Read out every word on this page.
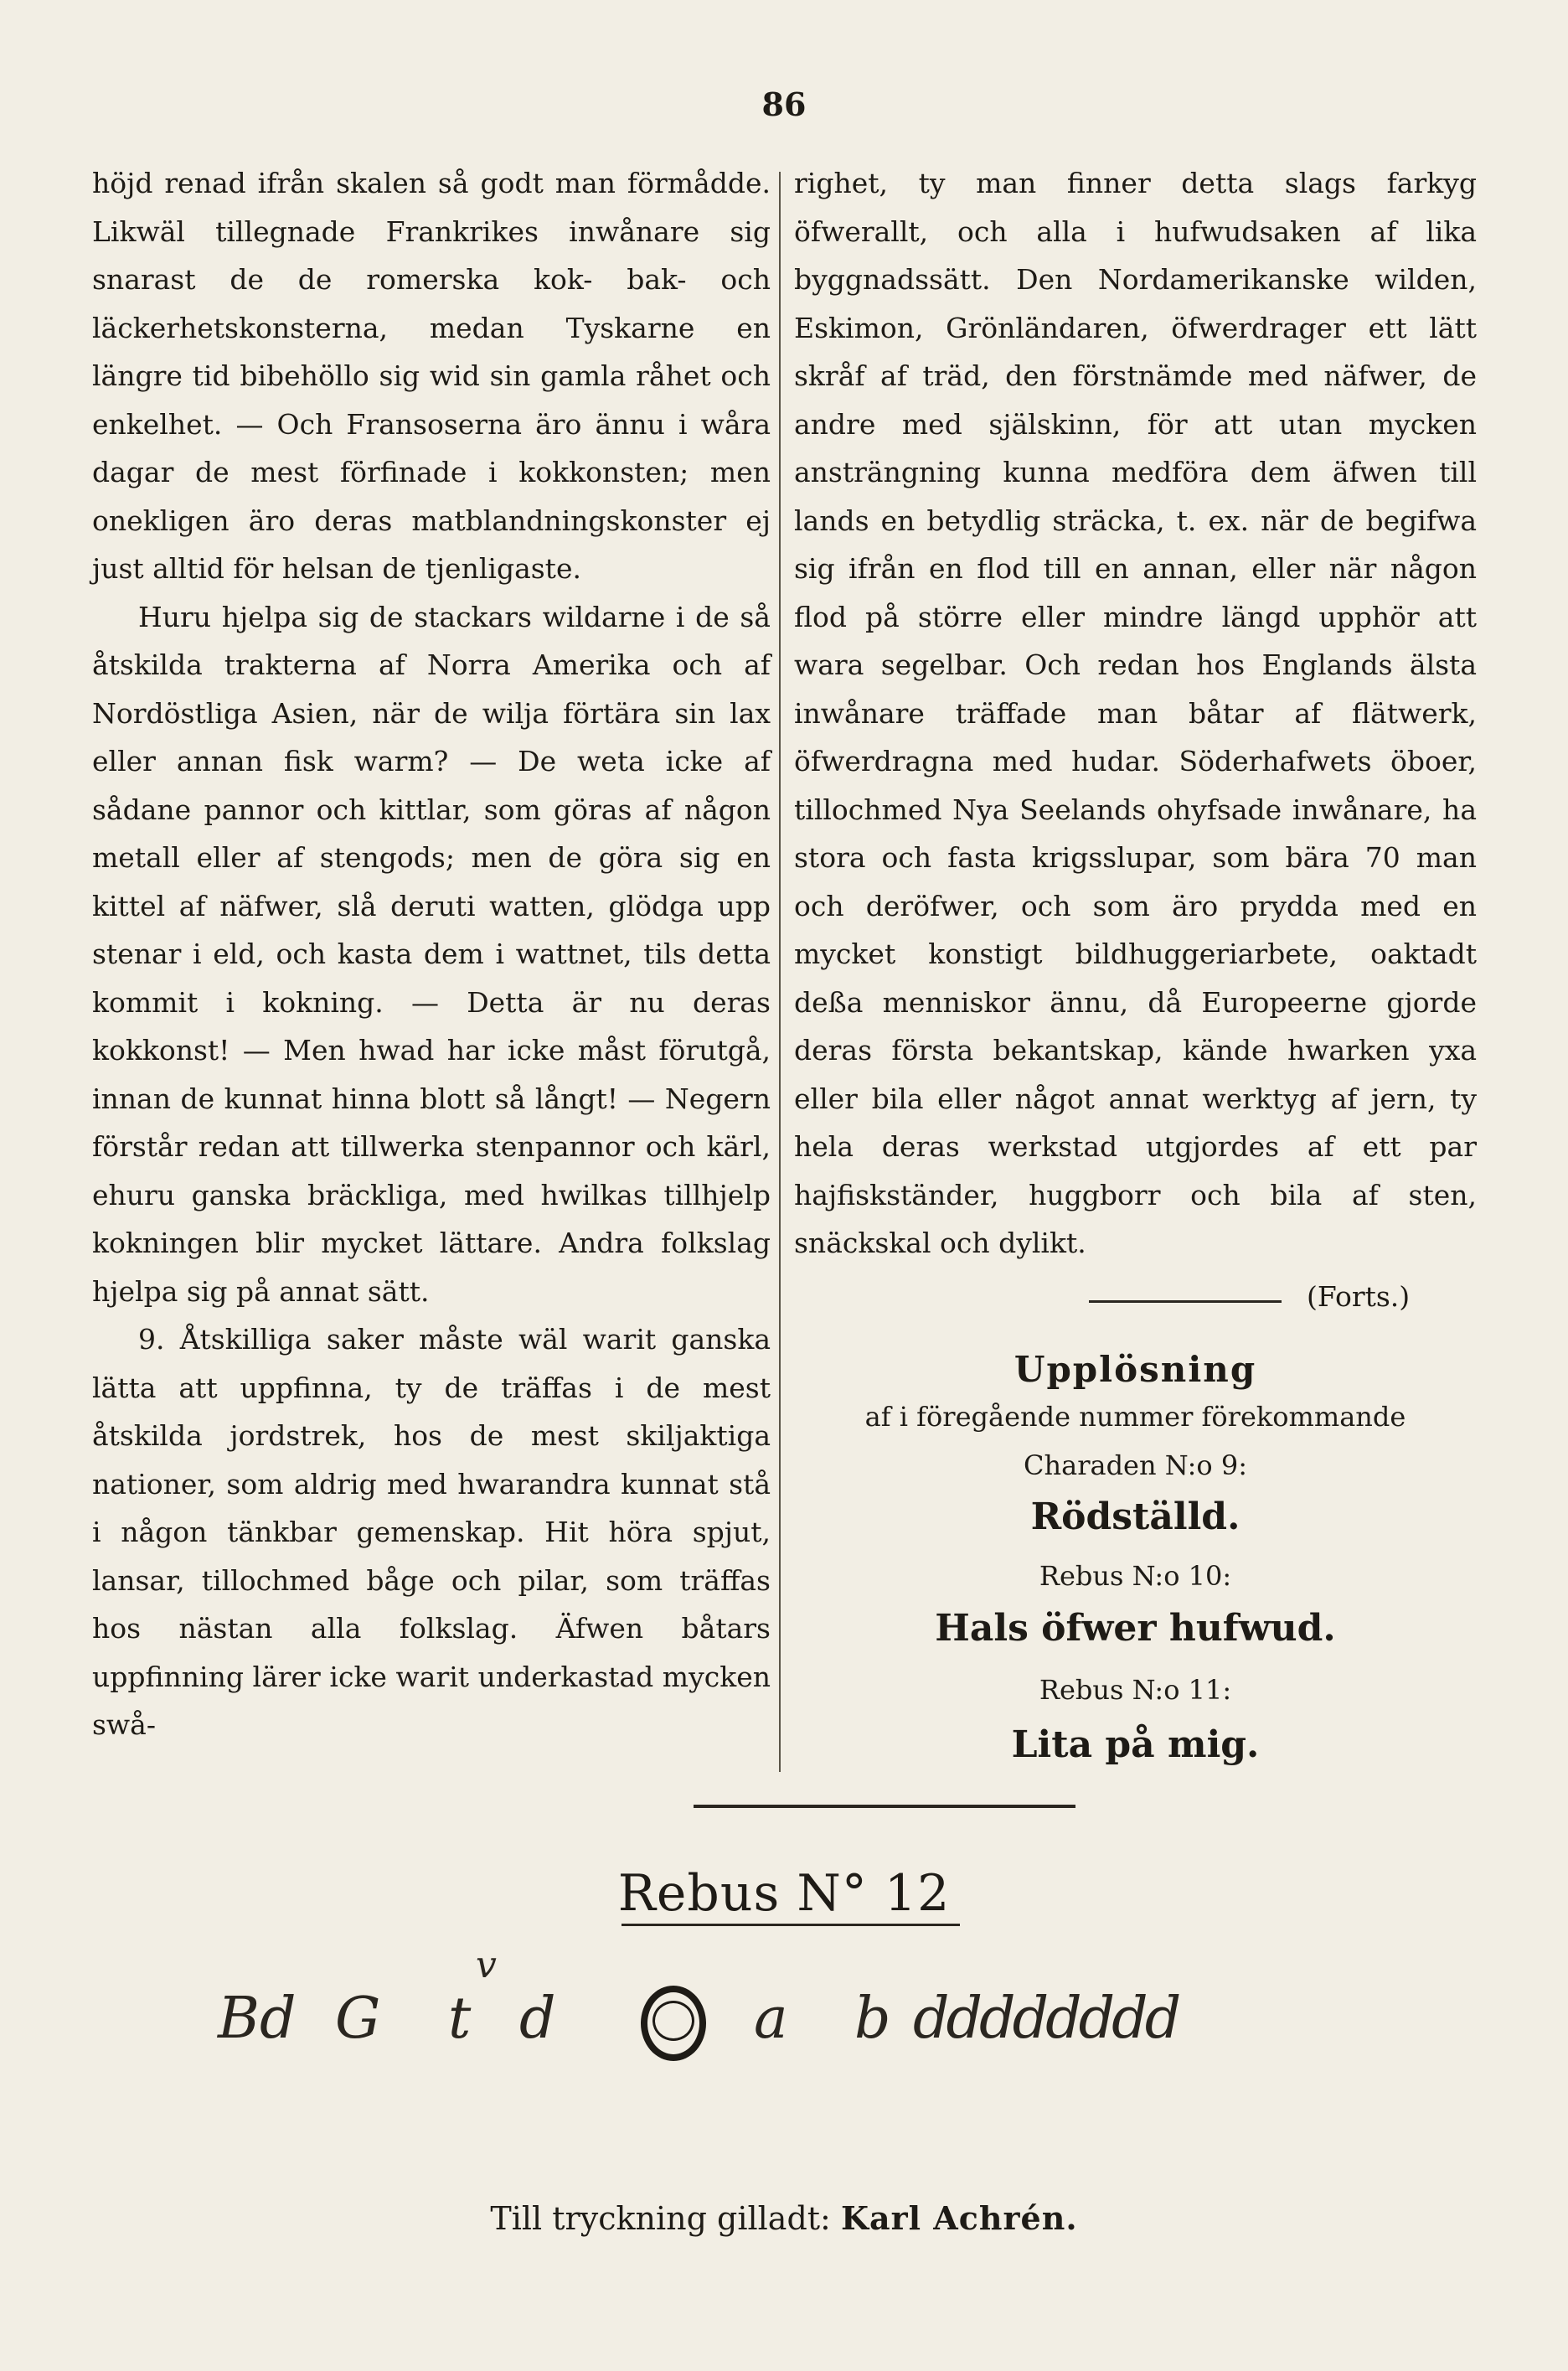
86

höjd renad ifrån skalen så godt man förmådde. Likwäl tillegnade Frankrikes inwånare sig snarast de de romerska kok- bak- och läckerhetskonsterna, medan Tyskarne en längre tid bibehöllo sig wid sin gamla råhet och enkelhet. — Och Fransoserna äro ännu i wåra dagar de mest förfinade i kokkonsten; men onekligen äro deras matblandningskonster ej just alltid för helsan de tjenligaste.

Huru hjelpa sig de stackars wildarne i de så åtskilda trakterna af Norra Amerika och af Nordöstliga Asien, när de wilja förtära sin lax eller annan fisk warm? — De weta icke af sådane pannor och kittlar, som göras af någon metall eller af stengods; men de göra sig en kittel af näfwer, slå deruti watten, glödga upp stenar i eld, och kasta dem i wattnet, tils detta kommit i kokning. — Detta är nu deras kokkonst! — Men hwad har icke måst förutgå, innan de kunnat hinna blott så långt! — Negern förstår redan att tillwerka stenpannor och kärl, ehuru ganska bräckliga, med hwilkas tillhjelp kokningen blir mycket lättare. Andra folkslag hjelpa sig på annat sätt.

9. Åtskilliga saker måste wäl warit ganska lätta att uppfinna, ty de träffas i de mest åtskilda jordstrek, hos de mest skiljaktiga nationer, som aldrig med hwarandra kunnat stå i någon tänkbar gemenskap. Hit höra spjut, lansar, tillochmed båge och pilar, som träffas hos nästan alla folkslag. Äfwen båtars uppfinning lärer icke warit underkastad mycken swå-

righet, ty man finner detta slags farkyg öfwerallt, och alla i hufwudsaken af lika byggnadssätt. Den Nordamerikanske wilden, Eskimon, Grönländaren, öfwerdrager ett lätt skråf af träd, den förstnämde med näfwer, de andre med själskinn, för att utan mycken ansträngning kunna medföra dem äfwen till lands en betydlig sträcka, t. ex. när de begifwa sig ifrån en flod till en annan, eller när någon flod på större eller mindre längd upphör att wara segelbar. Och redan hos Englands älsta inwånare träffade man båtar af flätwerk, öfwerdragna med hudar. Söderhafwets öboer, tillochmed Nya Seelands ohyfsade inwånare, ha stora och fasta krigsslupar, som bära 70 man och deröfwer, och som äro prydda med en mycket konstigt bildhuggeriarbete, oaktadt deßa menniskor ännu, då Europeerne gjorde deras första bekantskap, kände hwarken yxa eller bila eller något annat werktyg af jern, ty hela deras werkstad utgjordes af ett par hajfiskständer, huggborr och bila af sten, snäckskal och dylikt.

(Forts.)
Upplösning
af i föregående nummer förekommande
Charaden N:o 9:
Rödställd.
Rebus N:o 10:
Hals öfwer hufwud.
Rebus N:o 11:
Lita på mig.
Rebus N° 12
v
Bd G t d	a b dddddddd
Till tryckning gilladt: Karl Achrén.
